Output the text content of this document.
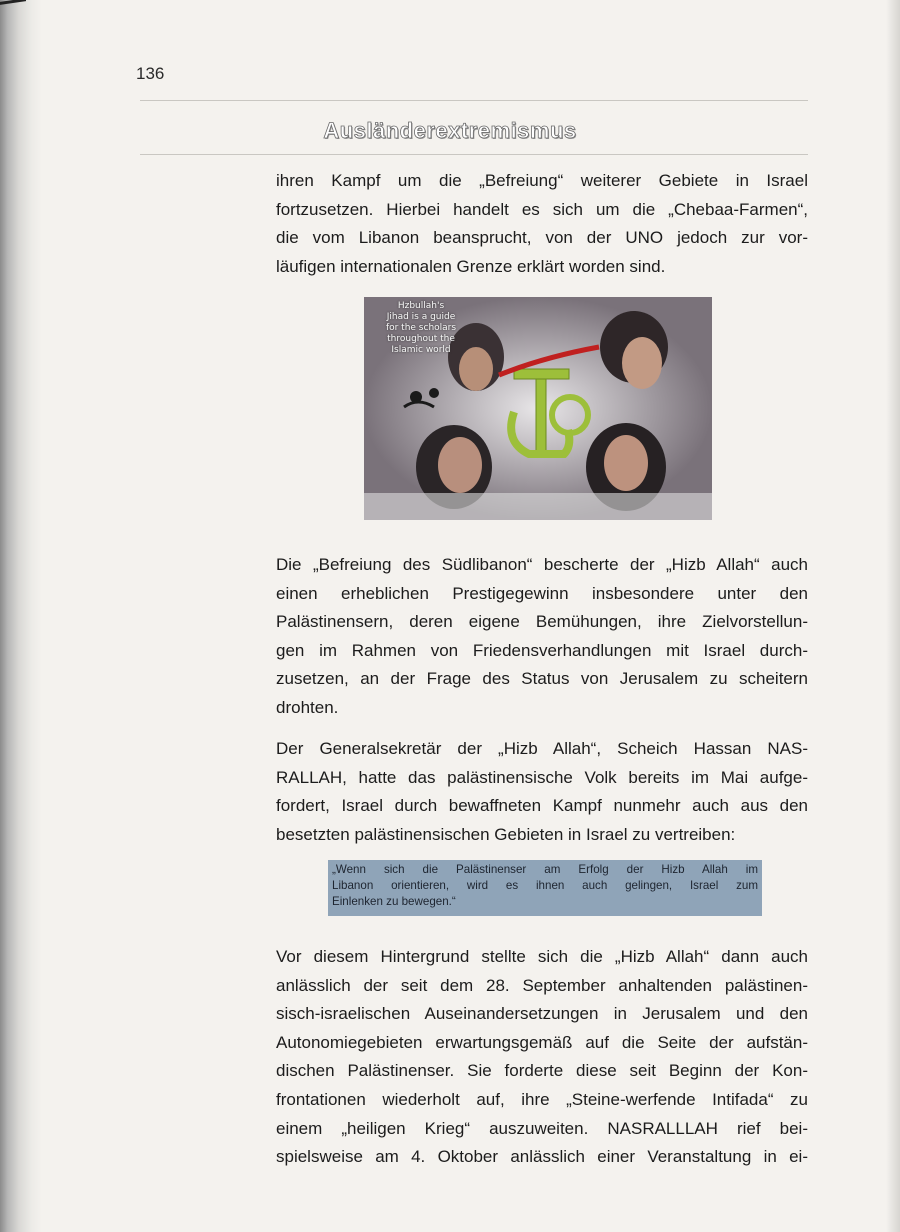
136
Ausländerextremismus

ihren Kampf um die „Befreiung“ weiterer Gebiete in Israel
fortzusetzen. Hierbei handelt es sich um die „Chebaa-Farmen“,
die vom Libanon beansprucht, von der UNO jedoch zur vor-
läufigen internationalen Grenze erklärt worden sind.

Hzbullah's
Jihad is a guide
for the scholars
throughout the
Islamic world

Die „Befreiung des Südlibanon“ bescherte der „Hizb Allah“ auch
einen erheblichen Prestigegewinn insbesondere unter den
Palästinensern, deren eigene Bemühungen, ihre Zielvorstellun-
gen im Rahmen von Friedensverhandlungen mit Israel durch-
zusetzen, an der Frage des Status von Jerusalem zu scheitern
drohten.

Der Generalsekretär der „Hizb Allah“, Scheich Hassan NAS-
RALLAH, hatte das palästinensische Volk bereits im Mai aufge-
fordert, Israel durch bewaffneten Kampf nunmehr auch aus den
besetzten palästinensischen Gebieten in Israel zu vertreiben:

„Wenn sich die Palästinenser am Erfolg der Hizb Allah im
Libanon orientieren, wird es ihnen auch gelingen, Israel zum
Einlenken zu bewegen.“

Vor diesem Hintergrund stellte sich die „Hizb Allah“ dann auch
anlässlich der seit dem 28. September anhaltenden palästinen-
sisch-israelischen Auseinandersetzungen in Jerusalem und den
Autonomiegebieten erwartungsgemäß auf die Seite der aufstän-
dischen Palästinenser. Sie forderte diese seit Beginn der Kon-
frontationen wiederholt auf, ihre „Steine-werfende Intifada“ zu
einem „heiligen Krieg“ auszuweiten. NASRALLLAH rief bei-
spielsweise am 4. Oktober anlässlich einer Veranstaltung in ei-
